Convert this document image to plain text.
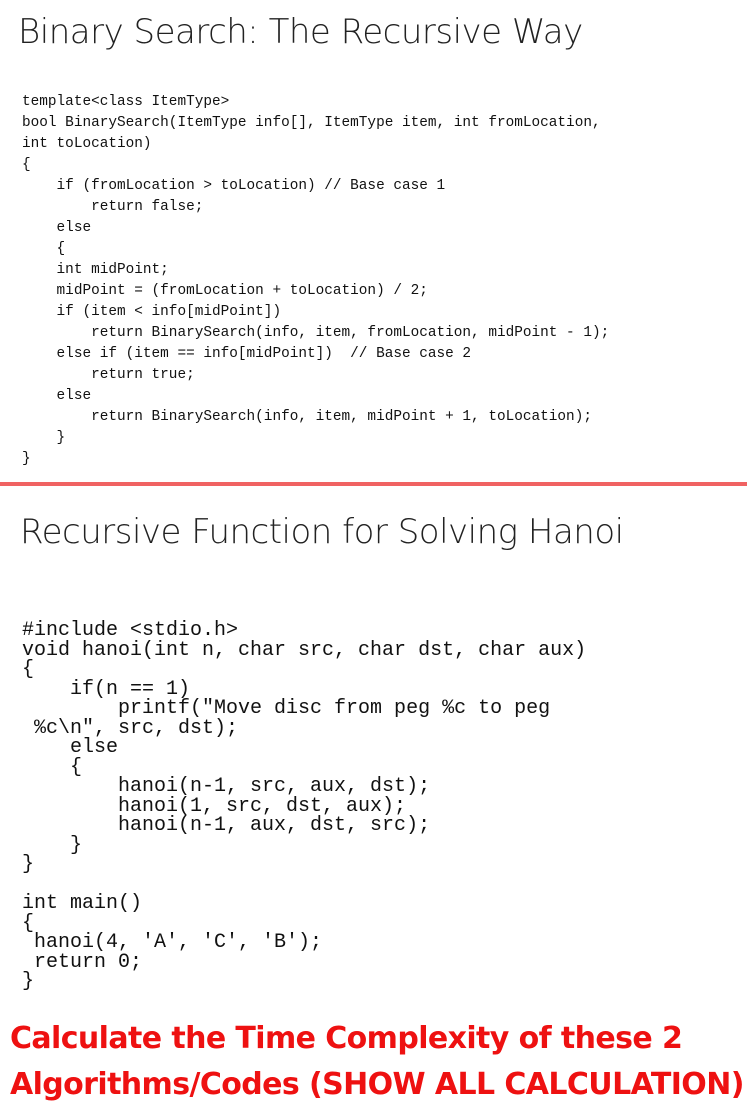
Binary Search: The Recursive Way
template<class ItemType>
bool BinarySearch(ItemType info[], ItemType item, int fromLocation,
int toLocation)
{
if (fromLocation > toLocation) // Base case 1
return false;
else
{
int midPoint;
midPoint = (fromLocation + toLocation) / 2;
if (item < info[midPoint])
return BinarySearch(info, item, fromLocation, midPoint - 1);
else if (item == info[midPoint])  // Base case 2
return true;
else
return BinarySearch(info, item, midPoint + 1, toLocation);
}
}
Recursive Function for Solving Hanoi
#include <stdio.h>
void hanoi(int n, char src, char dst, char aux)
{
if(n == 1)
printf("Move disc from peg %c to peg
%c\n", src, dst);
else
{
hanoi(n-1, src, aux, dst);
hanoi(1, src, dst, aux);
hanoi(n-1, aux, dst, src);
}
}

int main()
{
hanoi(4, 'A', 'C', 'B');
return 0;
}
Calculate the Time Complexity of these 2
Algorithms/Codes (SHOW ALL CALCULATION)
